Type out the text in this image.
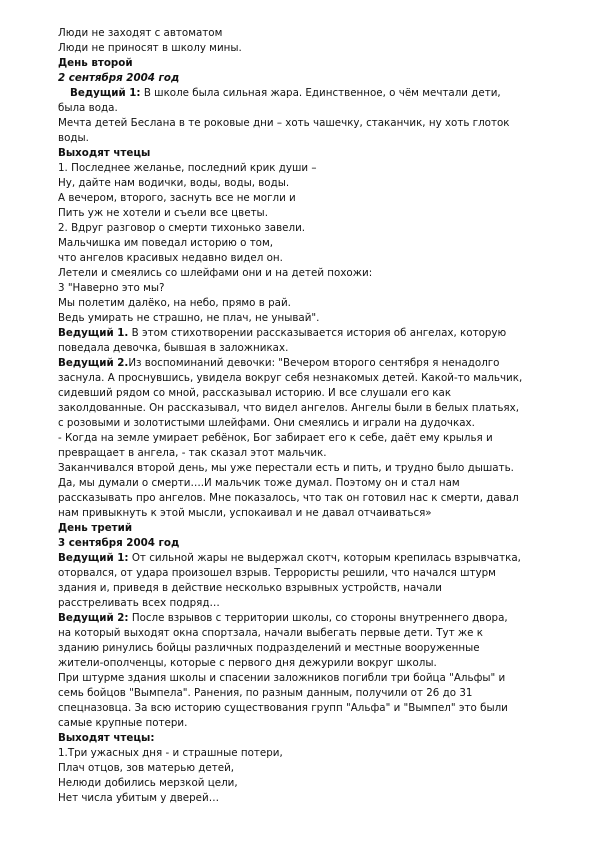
Люди не заходят с автоматом

Люди не приносят в школу мины.

День второй

2 сентября 2004 год

Ведущий 1: В школе была сильная жара. Единственное, о чём мечтали дети,

была вода.

Мечта детей Беслана в те роковые дни – хоть чашечку, стаканчик, ну хоть глоток

воды.

Выходят чтецы

1. Последнее желанье, последний крик души –

Ну, дайте нам водички, воды, воды, воды.

А вечером, второго, заснуть все не могли и

Пить уж не хотели и съели все цветы.

2. Вдруг разговор о смерти тихонько завели.

Мальчишка им поведал историю о том,

что ангелов красивых недавно видел он.

Летели и смеялись со шлейфами они и на детей похожи:

3 "Наверно это мы?

Мы полетим далёко, на небо, прямо в рай.

Ведь умирать не страшно, не плач, не унывай".

Ведущий 1. В этом стихотворении рассказывается история об ангелах, которую

поведала девочка, бывшая в заложниках.

Ведущий 2.Из воспоминаний девочки: "Вечером второго сентября я ненадолго

заснула. А проснувшись, увидела вокруг себя незнакомых детей. Какой-то мальчик,

сидевший рядом со мной, рассказывал историю. И все слушали его как

заколдованные. Он рассказывал, что видел ангелов. Ангелы были в белых платьях,

с розовыми и золотистыми шлейфами. Они смеялись и играли на дудочках.

- Когда на земле умирает ребёнок, Бог забирает его к себе, даёт ему крылья и

превращает в ангела, - так сказал этот мальчик.

Заканчивался второй день, мы уже перестали есть и пить, и трудно было дышать.

Да, мы думали о смерти….И мальчик тоже думал. Поэтому он и стал нам

рассказывать про ангелов. Мне показалось, что так он готовил нас к смерти, давал

нам привыкнуть к этой мысли, успокаивал и не давал отчаиваться»

День третий

3 сентября 2004 год

Ведущий 1: От сильной жары не выдержал скотч, которым крепилась взрывчатка,

оторвался, от удара произошел взрыв. Террористы решили, что начался штурм

здания и, приведя в действие несколько взрывных устройств, начали

расстреливать всех подряд…

Ведущий 2: После взрывов с территории школы, со стороны внутреннего двора,

на который выходят окна спортзала, начали выбегать первые дети. Тут же к

зданию ринулись бойцы различных подразделений и местные вооруженные

жители-ополченцы, которые с первого дня дежурили вокруг школы.

При штурме здания школы и спасении заложников погибли три бойца "Альфы" и

семь бойцов "Вымпела". Ранения, по разным данным, получили от 26 до 31

спецназовца. За всю историю существования групп "Альфа" и "Вымпел" это были

самые крупные потери.

Выходят чтецы:

1.Три ужасных дня - и страшные потери,

Плач отцов, зов матерью детей,

Нелюди добились мерзкой цели,

Нет числа убитым у дверей…
